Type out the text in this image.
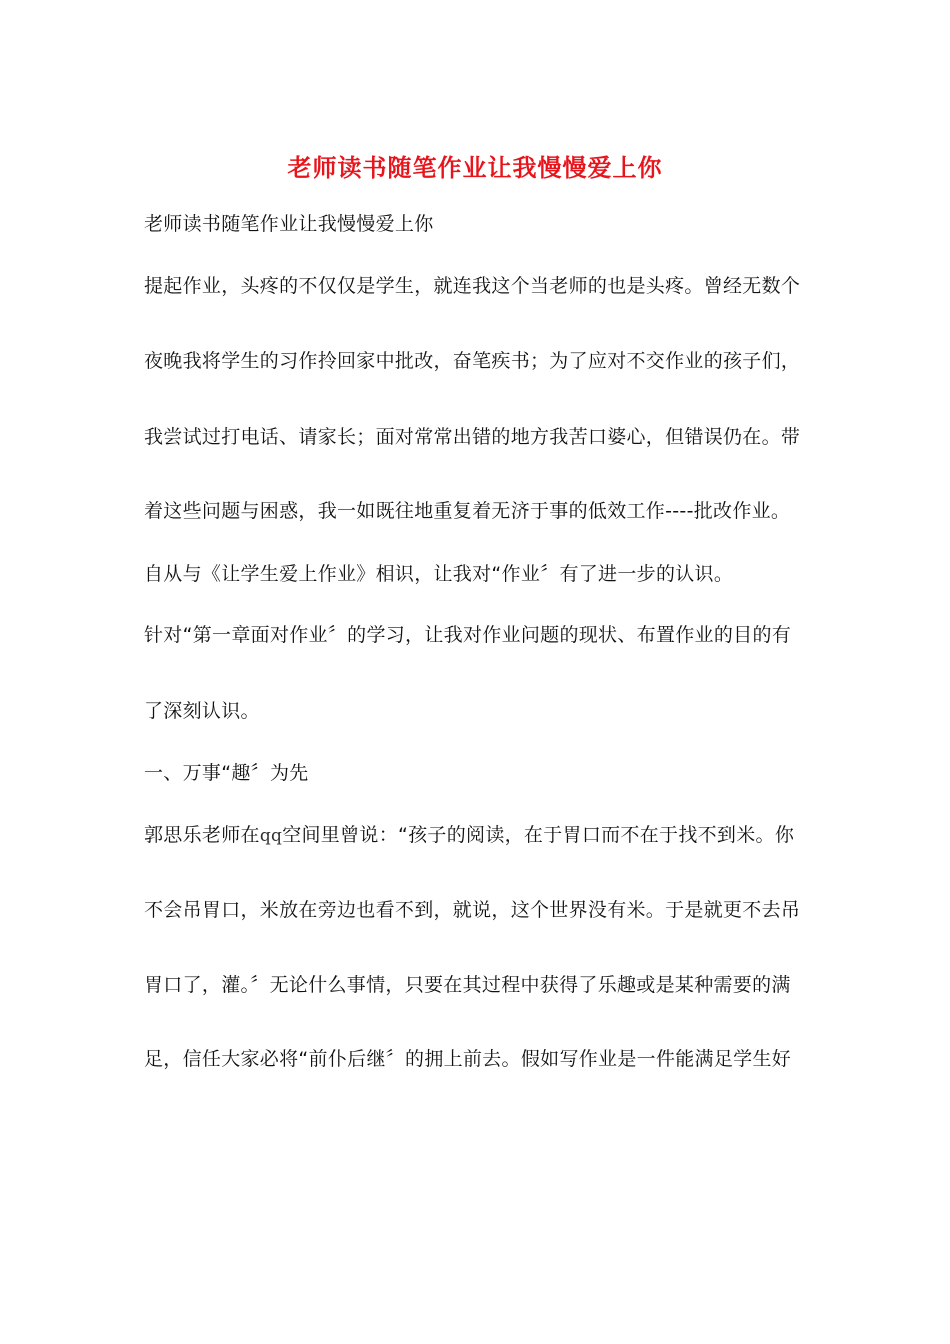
老师读书随笔作业让我慢慢爱上你
老师读书随笔作业让我慢慢爱上你
提起作业，头疼的不仅仅是学生，就连我这个当老师的也是头疼。曾经无数个
夜晚我将学生的习作拎回家中批改，奋笔疾书；为了应对不交作业的孩子们，
我尝试过打电话、请家长；面对常常出错的地方我苦口婆心，但错误仍在。带
着这些问题与困惑，我一如既往地重复着无济于事的低效工作----批改作业。
自从与《让学生爱上作业》相识，让我对“作业〞有了进一步的认识。
针对“第一章面对作业〞的学习，让我对作业问题的现状、布置作业的目的有
了深刻认识。
一、万事“趣〞为先
郭思乐老师在qq空间里曾说：“孩子的阅读，在于胃口而不在于找不到米。你
不会吊胃口，米放在旁边也看不到，就说，这个世界没有米。于是就更不去吊
胃口了，灌。〞无论什么事情，只要在其过程中获得了乐趣或是某种需要的满
足，信任大家必将“前仆后继〞的拥上前去。假如写作业是一件能满足学生好
